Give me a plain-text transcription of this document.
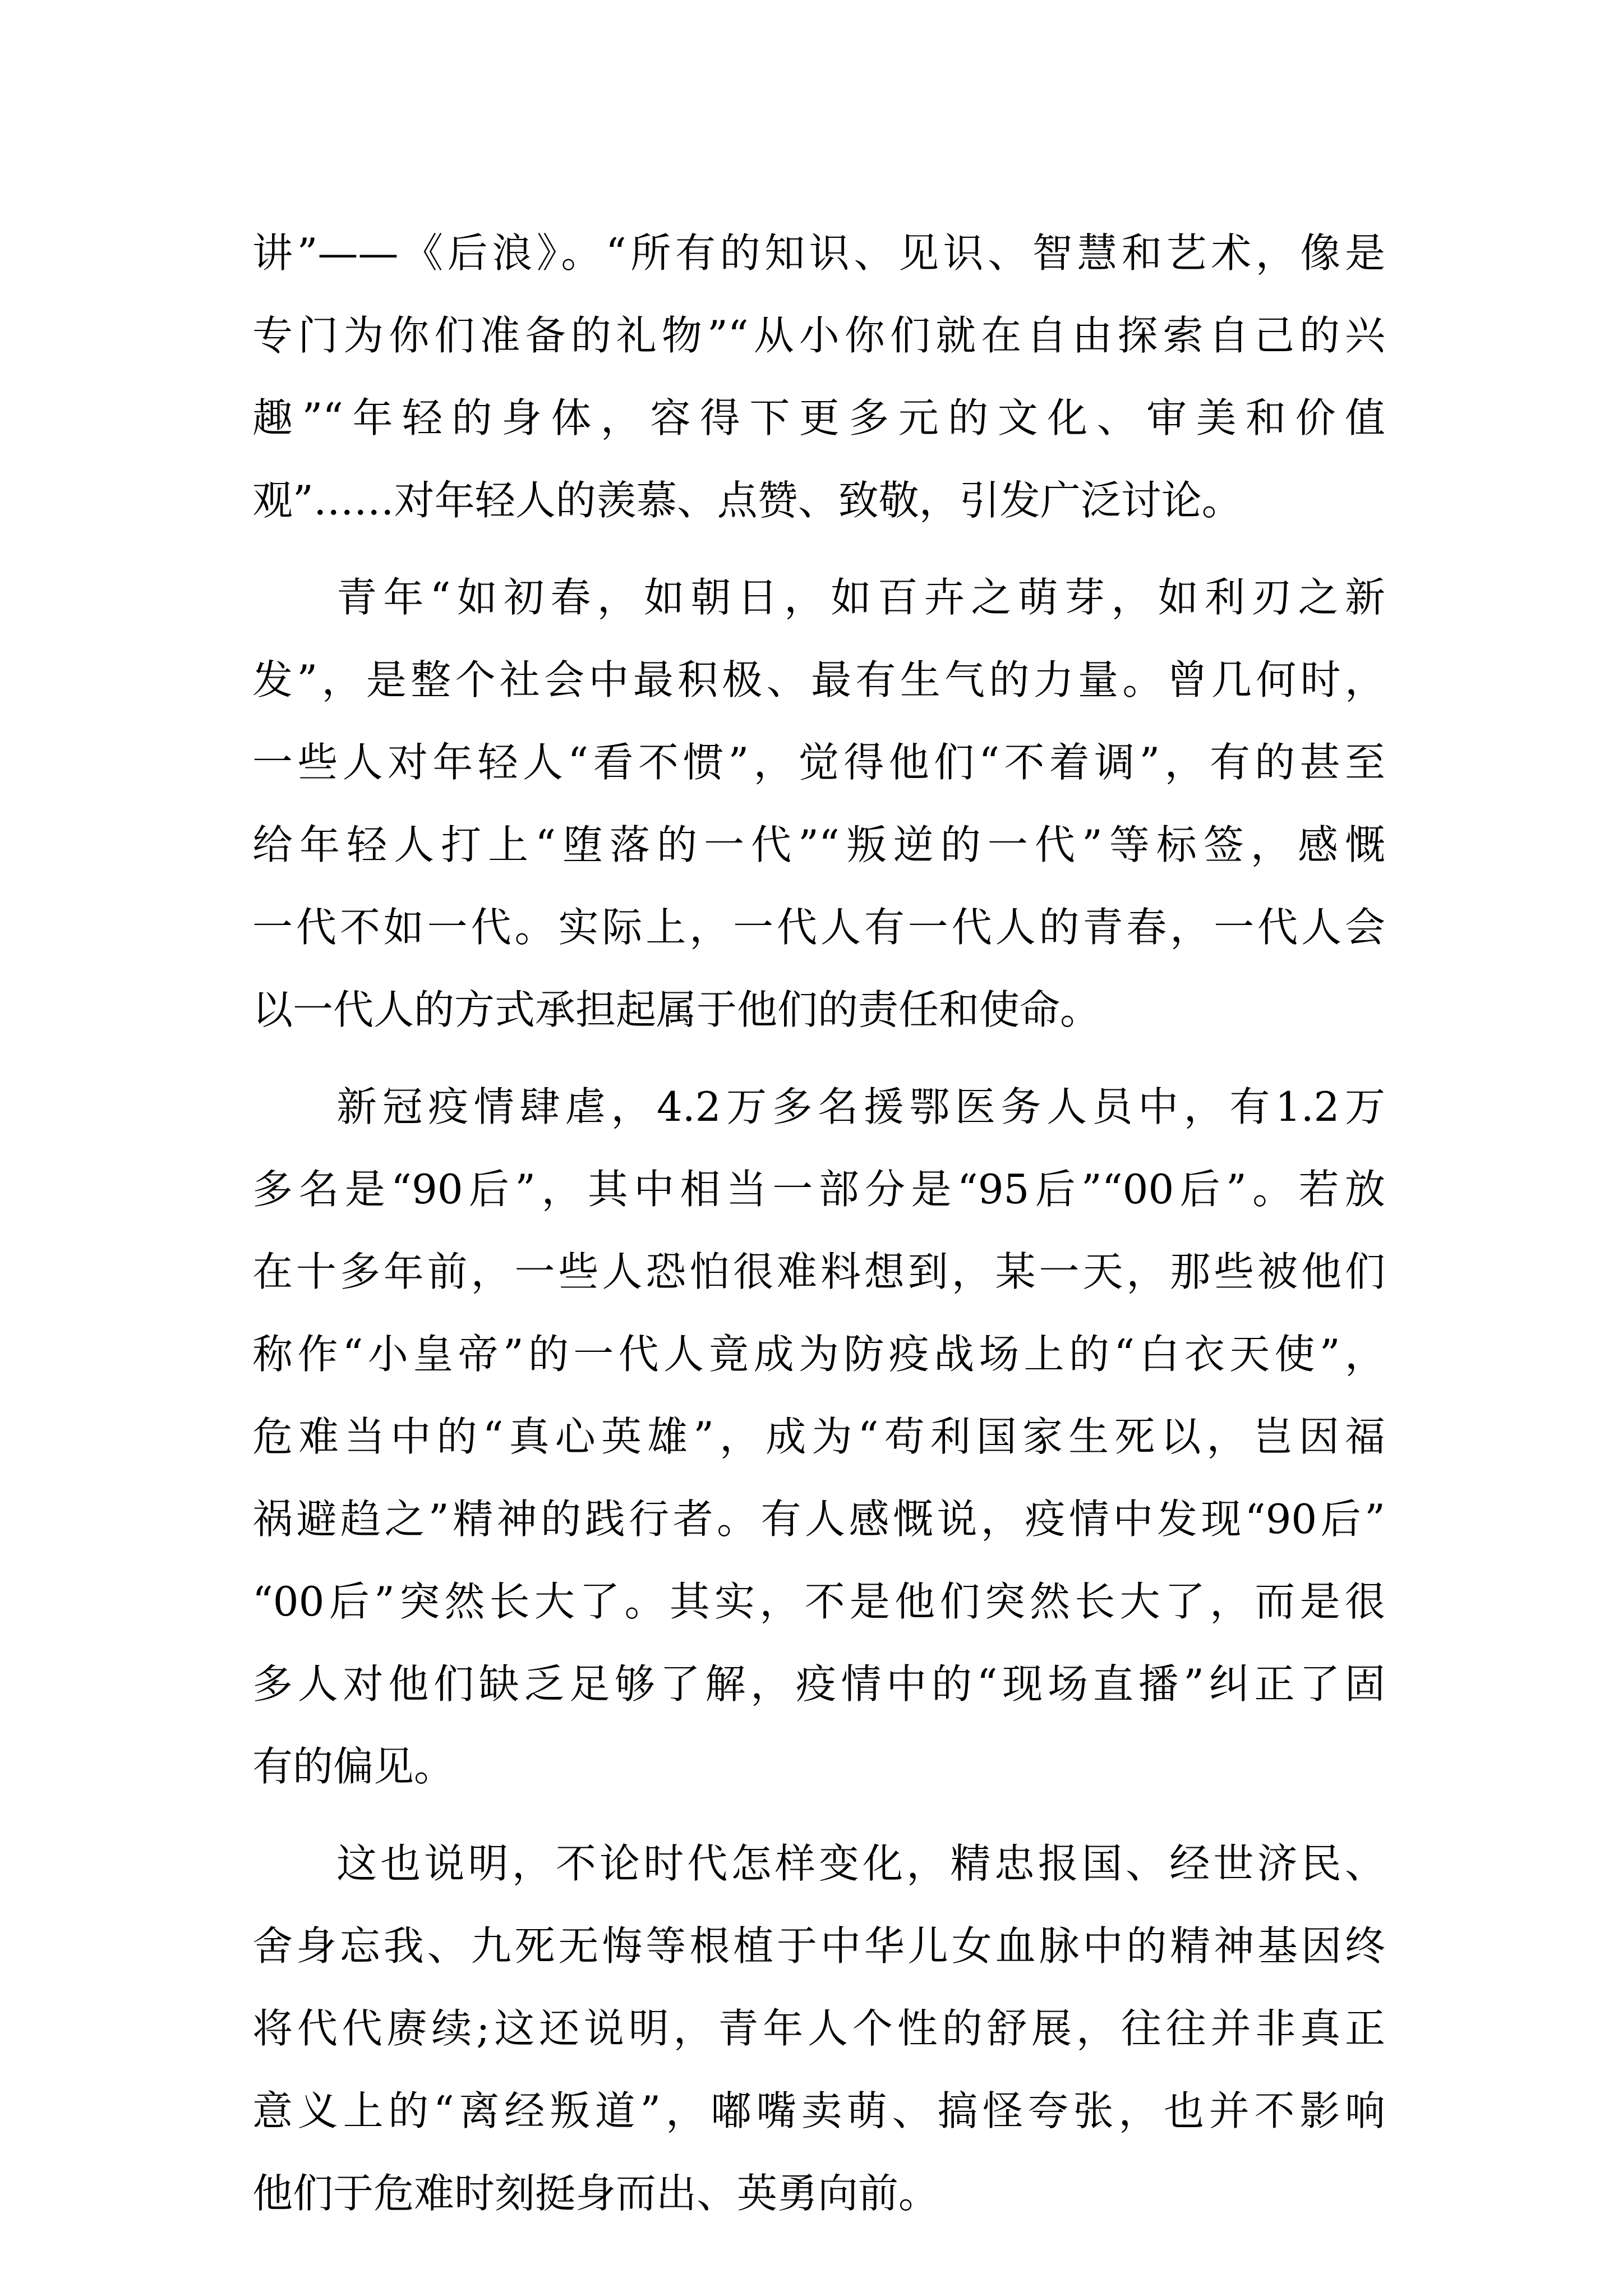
讲”——《后浪》。“所有的知识、见识、智慧和艺术，像是
专门为你们准备的礼物”“从小你们就在自由探索自己的兴
趣”“年轻的身体，容得下更多元的文化、审美和价值
观”……对年轻人的羡慕、点赞、致敬，引发广泛讨论。
青年“如初春，如朝日，如百卉之萌芽，如利刃之新
发”，是整个社会中最积极、最有生气的力量。曾几何时，
一些人对年轻人“看不惯”，觉得他们“不着调”，有的甚至
给年轻人打上“堕落的一代”“叛逆的一代”等标签，感慨
一代不如一代。实际上，一代人有一代人的青春，一代人会
以一代人的方式承担起属于他们的责任和使命。
新冠疫情肆虐，4.2万多名援鄂医务人员中，有1.2万
多名是“90后”，其中相当一部分是“95后”“00后”。若放
在十多年前，一些人恐怕很难料想到，某一天，那些被他们
称作“小皇帝”的一代人竟成为防疫战场上的“白衣天使”，
危难当中的“真心英雄”，成为“苟利国家生死以，岂因福
祸避趋之”精神的践行者。有人感慨说，疫情中发现“90后”
“00后”突然长大了。其实，不是他们突然长大了，而是很
多人对他们缺乏足够了解，疫情中的“现场直播”纠正了固
有的偏见。
这也说明，不论时代怎样变化，精忠报国、经世济民、
舍身忘我、九死无悔等根植于中华儿女血脉中的精神基因终
将代代赓续;这还说明，青年人个性的舒展，往往并非真正
意义上的“离经叛道”，嘟嘴卖萌、搞怪夸张，也并不影响
他们于危难时刻挺身而出、英勇向前。
